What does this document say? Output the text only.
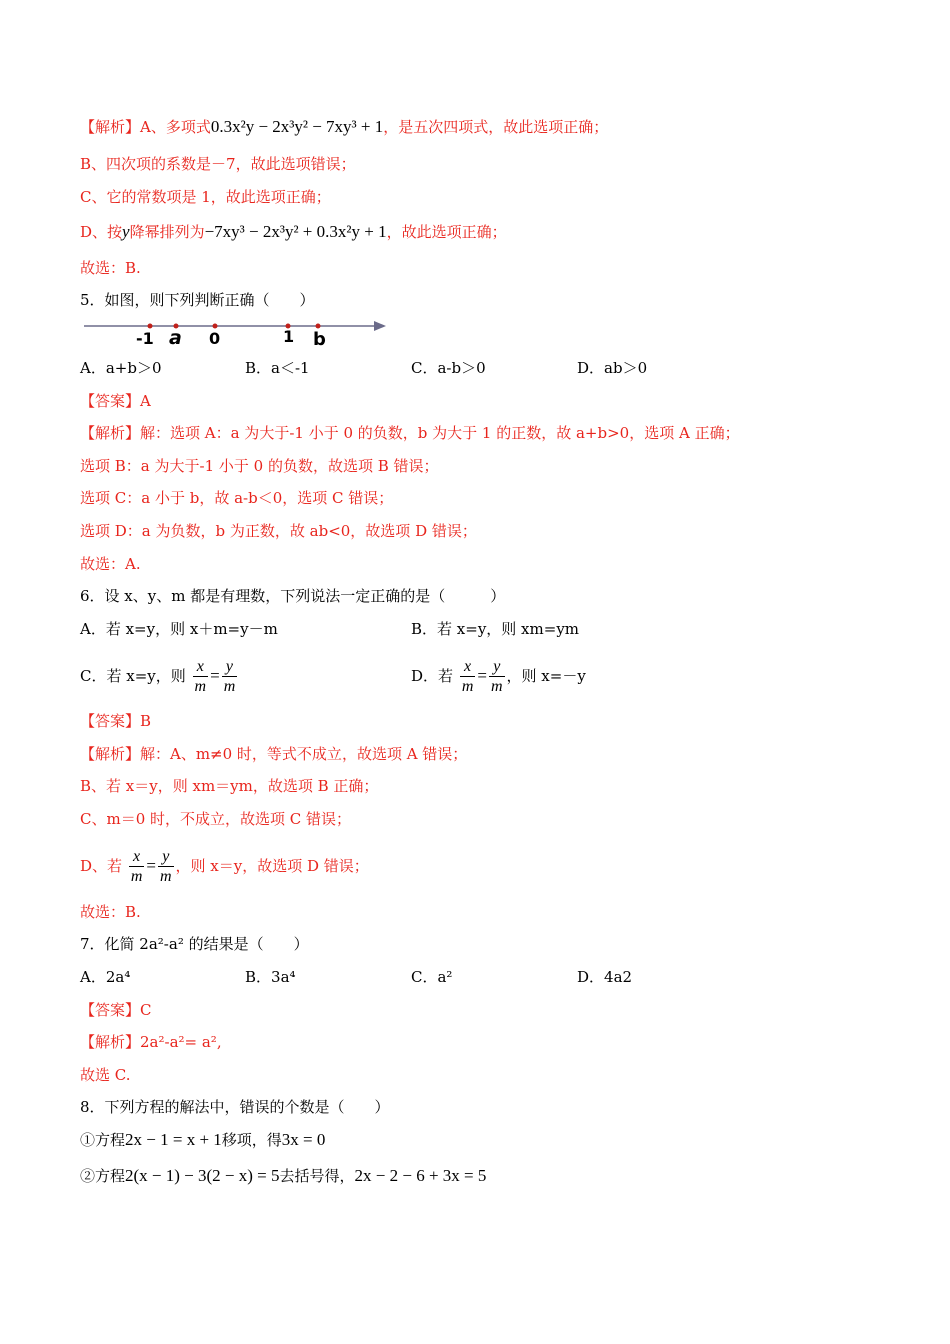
【解析】A、多项式0.3x²y − 2x³y² − 7xy³ + 1，是五次四项式，故此选项正确；
B、四次项的系数是－7，故此选项错误；
C、它的常数项是 1，故此选项正确；
D、按y降幂排列为−7xy³ − 2x³y² + 0.3x²y + 1，故此选项正确；
故选：B.
5．如图，则下列判断正确（　　）
-1 a 0	1 b
A．a+b＞0	B．a＜-1	C．a-b＞0	D．ab＞0
【答案】A
【解析】解：选项 A：a 为大于-1 小于 0 的负数，b 为大于 1 的正数，故 a+b>0，选项 A 正确；
选项 B：a 为大于-1 小于 0 的负数，故选项 B 错误；
选项 C：a 小于 b，故 a-b＜0，选项 C 错误；
选项 D：a 为负数，b 为正数，故 ab<0，故选项 D 错误；
故选：A.
6．设 x、y、m 都是有理数，下列说法一定正确的是（　　　）
A．若 x=y，则 x＋m=y－m	B．若 x=y，则 xm=ym
C．若 x=y，则 $\frac{x}{m} = \frac{y}{m}$	D．若 $\frac{x}{m} = \frac{y}{m}$ ，则 x=－y
【答案】B
【解析】解：A、m≠0 时，等式不成立，故选项 A 错误；
B、若 x＝y，则 xm＝ym，故选项 B 正确；
C、m＝0 时，不成立，故选项 C 错误；
D、若 $\frac{x}{m} = \frac{y}{m}$ ，则 x＝y，故选项 D 错误；
故选：B.
7．化简 2a²-a² 的结果是（　　）
A．2a⁴	B．3a⁴	C．a²	D．4a2
【答案】C
【解析】2a²-a²= a²,
故选 C.
8．下列方程的解法中，错误的个数是（　　）
①方程2x − 1 = x + 1移项，得3x = 0
②方程2(x − 1) − 3(2 − x) = 5去括号得，2x − 2 − 6 + 3x = 5
